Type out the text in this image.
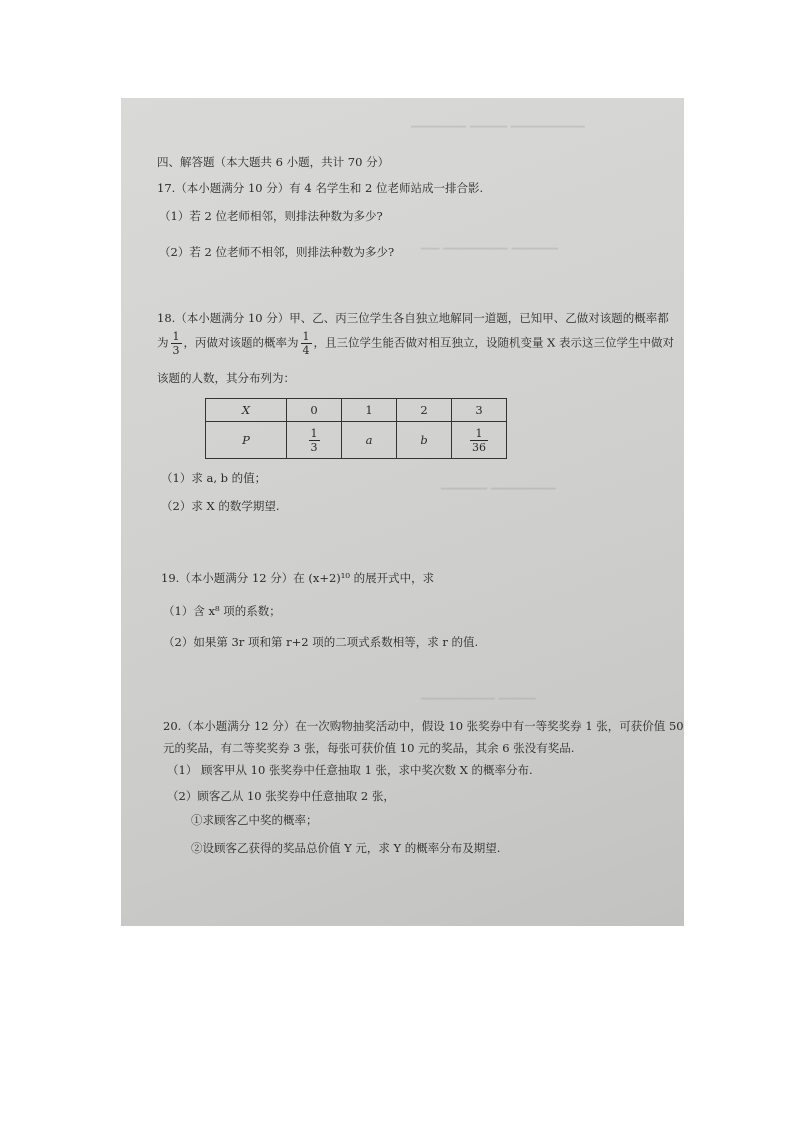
▔▔▔▔▔▔▔▔ ▔▔▔▔ ▔▔▔▔▔▔
▔▔▔▔▔ ▔▔▔▔▔▔▔ ▔▔
▔▔▔▔▔▔▔ ▔▔▔▔▔
▔▔▔▔ ▔▔▔▔▔▔▔▔
四、解答题（本大题共 6 小题，共计 70 分）
17.（本小题满分 10 分）有 4 名学生和 2 位老师站成一排合影.
（1）若 2 位老师相邻，则排法种数为多少?
（2）若 2 位老师不相邻，则排法种数为多少?
18.（本小题满分 10 分）甲、乙、丙三位学生各自独立地解同一道题，已知甲、乙做对该题的概率都
为 $\frac{1}{3}$ ，丙做对该题的概率为 $\frac{1}{4}$ ，且三位学生能否做对相互独立，设随机变量 X 表示这三位学生中做对
该题的人数，其分布列为：
X	0	1	2	3
P	$\frac{1}{3}$	a	b	$\frac{1}{36}$
（1）求 a, b 的值；
（2）求 X 的数学期望.
19.（本小题满分 12 分）在 (x+2)¹⁰ 的展开式中，求
（1）含 x⁸ 项的系数；
（2）如果第 3r 项和第 r+2 项的二项式系数相等，求 r 的值.
20.（本小题满分 12 分）在一次购物抽奖活动中，假设 10 张奖券中有一等奖奖券 1 张，可获价值 50
元的奖品，有二等奖奖券 3 张，每张可获价值 10 元的奖品，其余 6 张没有奖品.
（1） 顾客甲从 10 张奖券中任意抽取 1 张，求中奖次数 X 的概率分布.
（2）顾客乙从 10 张奖券中任意抽取 2 张，
①求顾客乙中奖的概率；
②设顾客乙获得的奖品总价值 Y 元，求 Y 的概率分布及期望.
